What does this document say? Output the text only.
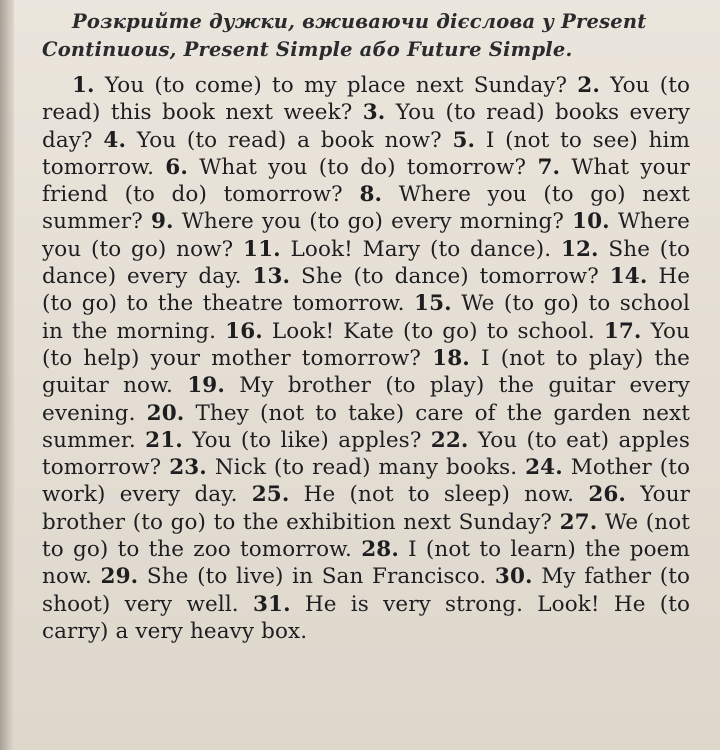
Розкрийте дужки, вживаючи дієслова у Present
Continuous, Present Simple або Future Simple.

1. You (to come) to my place next Sunday? 2. You (to read) this book next week? 3. You (to read) books every day? 4. You (to read) a book now? 5. I (not to see) him tomorrow. 6. What you (to do) tomorrow? 7. What your friend (to do) tomorrow? 8. Where you (to go) next summer? 9. Where you (to go) every morning? 10. Where you (to go) now? 11. Look! Mary (to dance). 12. She (to dance) every day. 13. She (to dance) tomorrow? 14. He (to go) to the theatre tomorrow. 15. We (to go) to school in the morning. 16. Look! Kate (to go) to school. 17. You (to help) your mother tomorrow? 18. I (not to play) the guitar now. 19. My brother (to play) the guitar every evening. 20. They (not to take) care of the garden next summer. 21. You (to like) apples? 22. You (to eat) apples tomorrow? 23. Nick (to read) many books. 24. Mother (to work) every day. 25. He (not to sleep) now. 26. Your brother (to go) to the exhibition next Sunday? 27. We (not to go) to the zoo tomorrow. 28. I (not to learn) the poem now. 29. She (to live) in San Francisco. 30. My father (to shoot) very well. 31. He is very strong. Look! He (to carry) a very heavy box.
